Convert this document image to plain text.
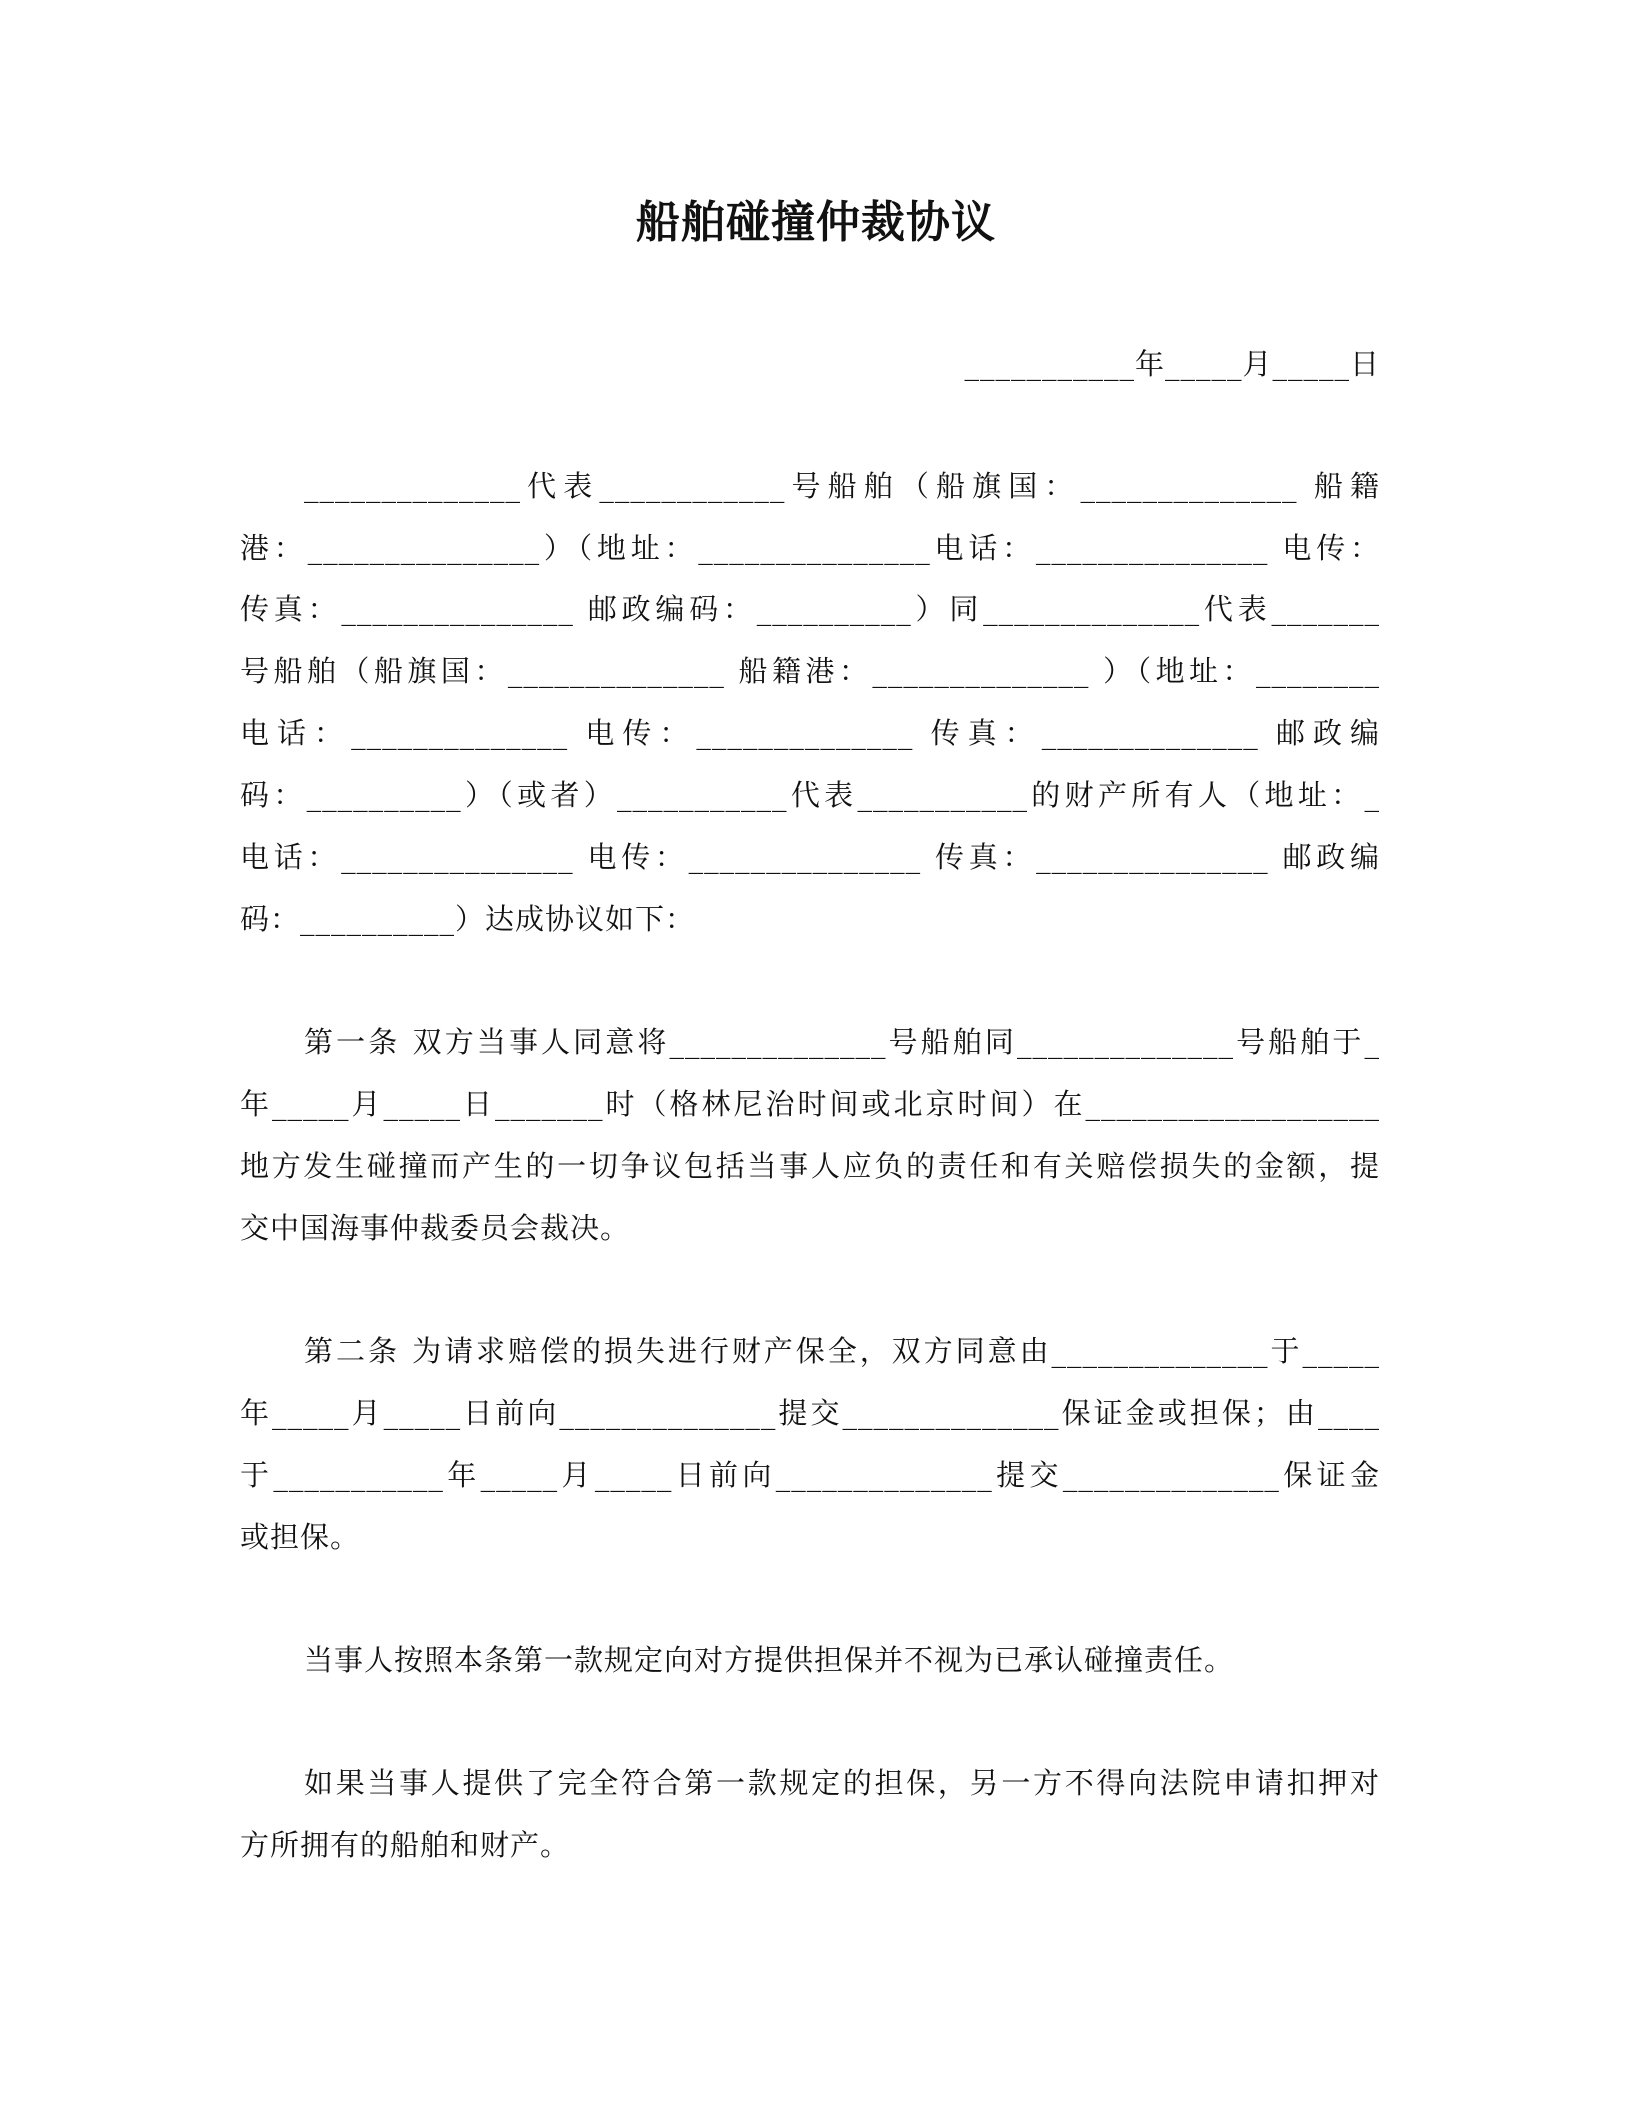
船舶碰撞仲裁协议
___________年_____月_____日
______________代表____________号船舶（船旗国：______________ 船籍
港：_______________）（地址：_______________电话：_______________ 电传：
传真：_______________ 邮政编码：__________）同______________代表_______
号船舶（船旗国：______________ 船籍港：______________ ）（地址：________
电话：______________ 电传：______________ 传真：______________ 邮政编
码：__________）（或者）___________代表___________的财产所有人（地址：_
电话：_______________ 电传：_______________ 传真：_______________ 邮政编
码：__________）达成协议如下：
第一条 双方当事人同意将______________号船舶同______________号船舶于_
年_____月_____日_______时（格林尼治时间或北京时间）在___________________
地方发生碰撞而产生的一切争议包括当事人应负的责任和有关赔偿损失的金额，提
交中国海事仲裁委员会裁决。
第二条 为请求赔偿的损失进行财产保全，双方同意由______________于_____
年_____月_____日前向______________提交______________保证金或担保；由____
于___________年_____月_____日前向______________提交______________保证金
或担保。
当事人按照本条第一款规定向对方提供担保并不视为已承认碰撞责任。
如果当事人提供了完全符合第一款规定的担保，另一方不得向法院申请扣押对
方所拥有的船舶和财产。
